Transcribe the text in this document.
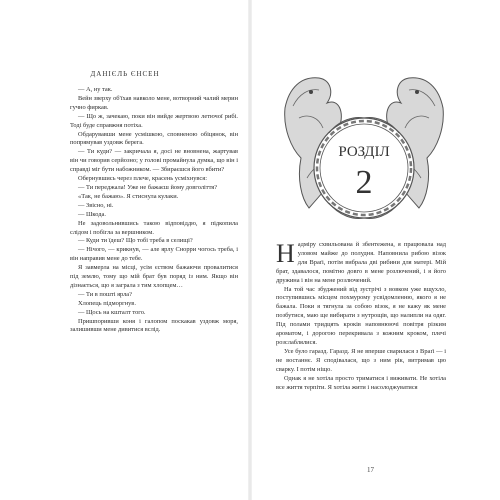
ДАНІЄЛЬ ЄНСЕН

— А, ну так.

Вейн зверху об'їхав навколо мене, вотворний чалий мерин гучно фиркав.

— Що ж, зачекаю, поки він вийде жертвою летючої рибі. Тоді буде справжня потіха.

Обдарувавши мене усмішкою, сповненою обіцянок, він попрямував уздовж берега.

— Ти куди? — закричала я, досі не вновнена, жартував він чи говорив серйозно; у голові промайнула думка, що він і справді міг бути набожником. — Збираєшся його вбити?

Обернувшись через плече, красень усміхнувся:

— Ти переджала! Уже не бажаєш йому довголіття?

«Так, не бажаю». Я стиснула кулаки.

— Звісно, ні.

— Шкода.

Не задовольнившись такою відповіддю, я підкопила слідом і побігла за вершником.

— Куди ти їдеш? Що тобі треба в селищі?

— Нічого, — крикнув, — але ярлу Снорри чогось треба, і він направив мене до тебе.

Я завмерла на місці, усім єством бажаючи провалитися під землю, тому що мій брат був поряд із ним. Якщо він дізнається, що я заграла з тим хлопцем…

— Ти в пошті ярла?

Хлопець підморгнув.

— Щось на кшталт того.

Пришпоривши коня і галопом поскакав уздовж моря, залишивши мене дивитися вслід.

РОЗДІЛ
2

Надміру схвильована й збентежена, я працювала над уловом майже до полудня. Наповнила рибою візок для Враґі, потім вибрала дві рибини для матері. Мій брат, здавалося, помітно довго в мене розлючений, і я його дружина і він на мене розлючений.

На той час збуджений від зустрічі з вовком уже вщухло, поступившись місцем похмурому усвідомленню, якого я не бажала. Поки я тягнула за собою візок, я не кажу як мене позбутися, маю ще вибирати з нутрощів, що налипли на одяг. Під полами тридцять кроків наповнюючі повітря різким ароматом, і дорогою перекривала з кожним кроком, плечі розслаблялися.

Усе було гаразд. Гаразд. Я не вперше сварилася з Враґі — і не востаннє. Я сподівалася, що з ним рік, витримав цю сварку. І потім ніщо.

Однак я не хотіла просто триматися і виживати. Не хотіла все життя терпіти. Я хотіла жити і насолоджуватися

17
